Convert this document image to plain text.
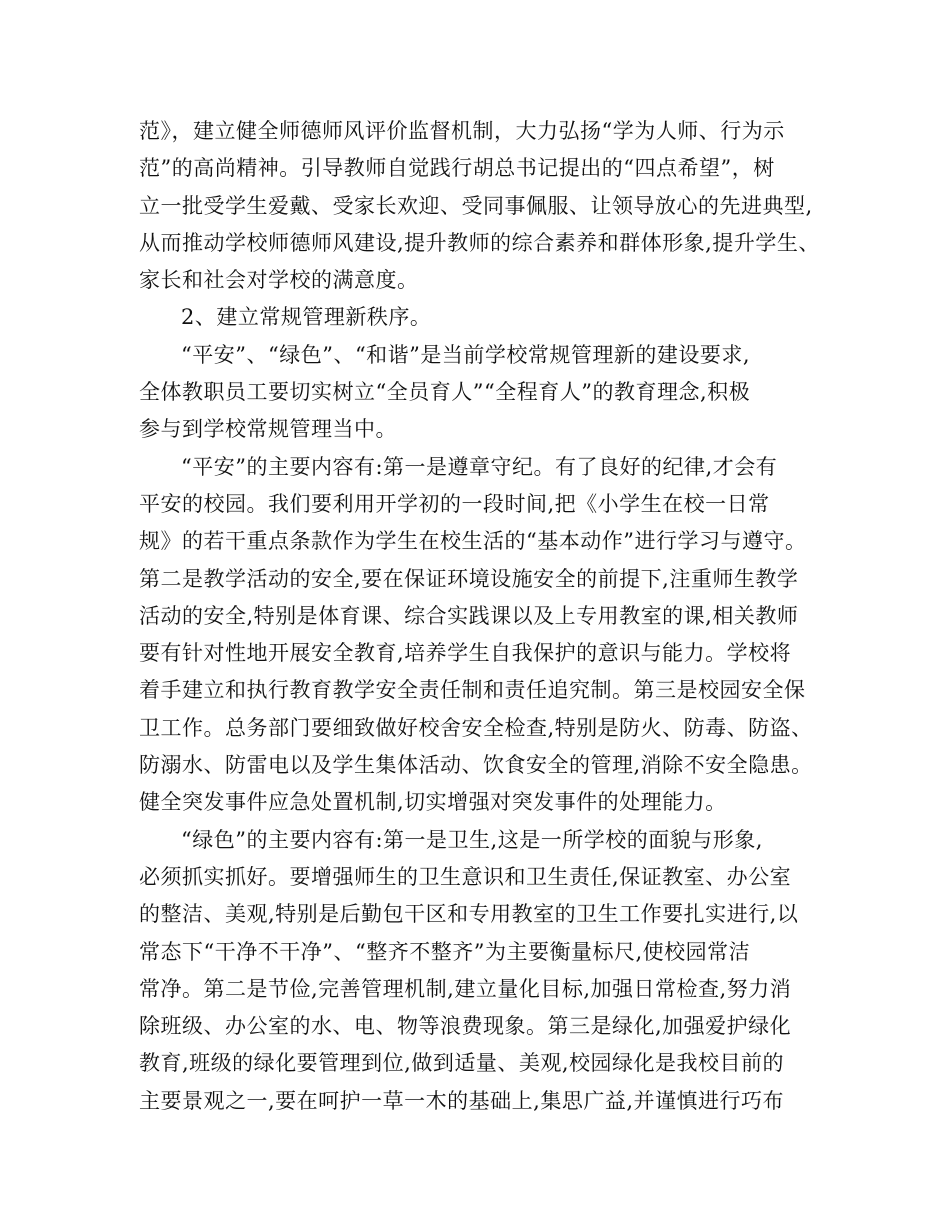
范》，建立健全师德师风评价监督机制，大力弘扬“学为人师、行为示
范”的高尚精神。引导教师自觉践行胡总书记提出的“四点希望”，树
立一批受学生爱戴、受家长欢迎、受同事佩服、让领导放心的先进典型,
从而推动学校师德师风建设,提升教师的综合素养和群体形象,提升学生、
家长和社会对学校的满意度。
2、建立常规管理新秩序。
“平安”、“绿色”、“和谐”是当前学校常规管理新的建设要求,
全体教职员工要切实树立“全员育人”“全程育人”的教育理念,积极
参与到学校常规管理当中。
“平安”的主要内容有:第一是遵章守纪。有了良好的纪律,才会有
平安的校园。我们要利用开学初的一段时间,把《小学生在校一日常
规》的若干重点条款作为学生在校生活的“基本动作”进行学习与遵守。
第二是教学活动的安全,要在保证环境设施安全的前提下,注重师生教学
活动的安全,特别是体育课、综合实践课以及上专用教室的课,相关教师
要有针对性地开展安全教育,培养学生自我保护的意识与能力。学校将
着手建立和执行教育教学安全责任制和责任追究制。第三是校园安全保
卫工作。总务部门要细致做好校舍安全检查,特别是防火、防毒、防盗、
防溺水、防雷电以及学生集体活动、饮食安全的管理,消除不安全隐患。
健全突发事件应急处置机制,切实增强对突发事件的处理能力。
“绿色”的主要内容有:第一是卫生,这是一所学校的面貌与形象,
必须抓实抓好。要增强师生的卫生意识和卫生责任,保证教室、办公室
的整洁、美观,特别是后勤包干区和专用教室的卫生工作要扎实进行,以
常态下“干净不干净”、“整齐不整齐”为主要衡量标尺,使校园常洁
常净。第二是节俭,完善管理机制,建立量化目标,加强日常检查,努力消
除班级、办公室的水、电、物等浪费现象。第三是绿化,加强爱护绿化
教育,班级的绿化要管理到位,做到适量、美观,校园绿化是我校目前的
主要景观之一,要在呵护一草一木的基础上,集思广益,并谨慎进行巧布
